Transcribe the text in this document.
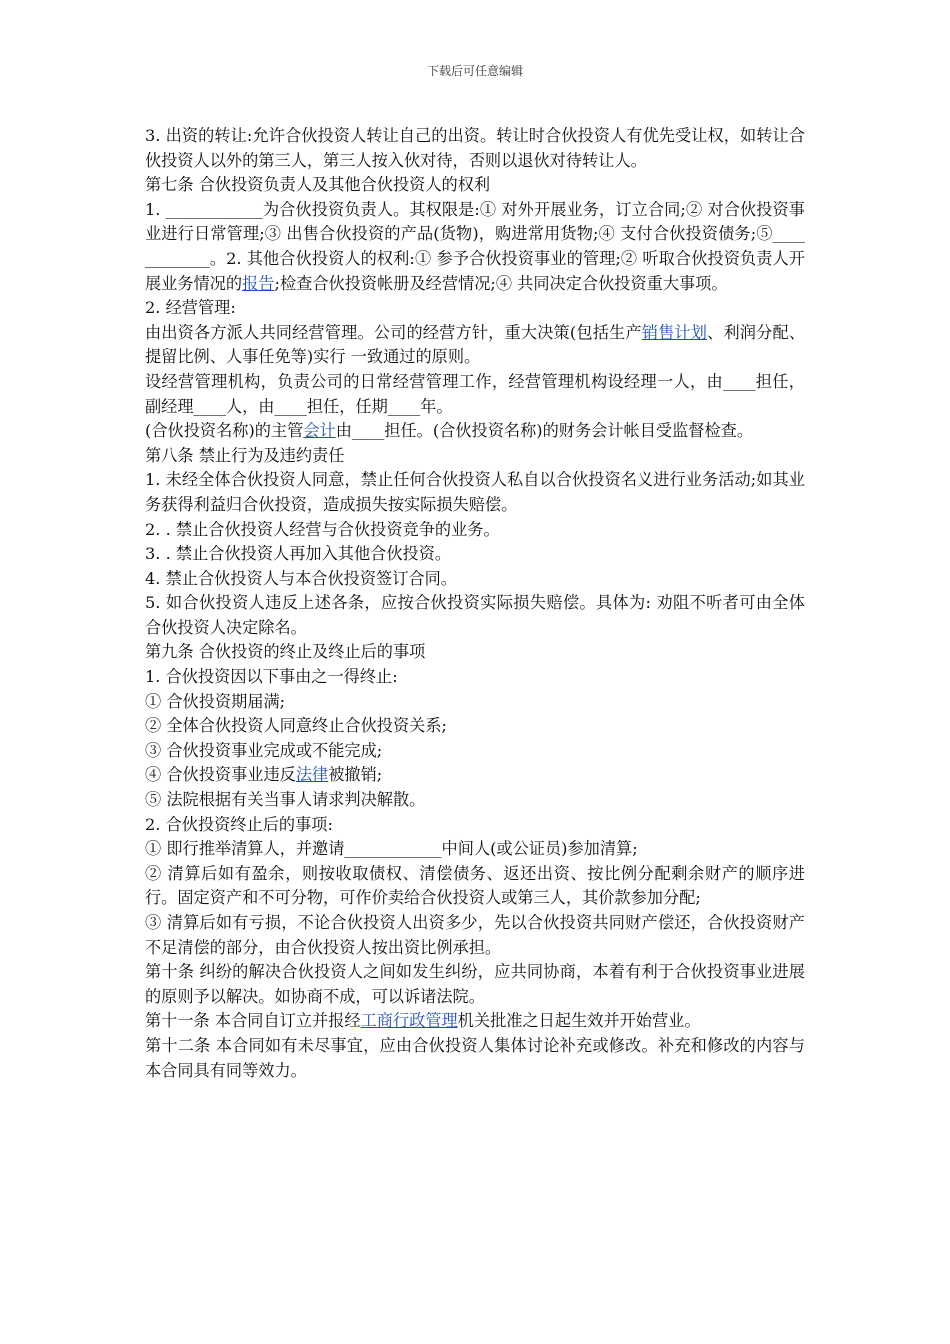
下载后可任意编辑

3. 出资的转让:允许合伙投资人转让自己的出资。转让时合伙投资人有优先受让权，如转让合伙投资人以外的第三人，第三人按入伙对待，否则以退伙对待转让人。

第七条 合伙投资负责人及其他合伙投资人的权利

1. ____________为合伙投资负责人。其权限是:① 对外开展业务，订立合同;② 对合伙投资事业进行日常管理;③ 出售合伙投资的产品(货物)，购进常用货物;④ 支付合伙投资债务;⑤____________。2. 其他合伙投资人的权利:① 参予合伙投资事业的管理;② 听取合伙投资负责人开展业务情况的报告;检查合伙投资帐册及经营情况;④ 共同决定合伙投资重大事项。

2. 经营管理:

由出资各方派人共同经营管理。公司的经营方针，重大决策(包括生产销售计划、利润分配、提留比例、人事任免等)实行 一致通过的原则。

设经营管理机构，负责公司的日常经营管理工作，经营管理机构设经理一人，由____担任，副经理____人，由____担任，任期____年。

(合伙投资名称)的主管会计由____担任。(合伙投资名称)的财务会计帐目受监督检查。

第八条 禁止行为及违约责任

1. 未经全体合伙投资人同意，禁止任何合伙投资人私自以合伙投资名义进行业务活动;如其业务获得利益归合伙投资，造成损失按实际损失赔偿。

2. . 禁止合伙投资人经营与合伙投资竞争的业务。

3. . 禁止合伙投资人再加入其他合伙投资。

4. 禁止合伙投资人与本合伙投资签订合同。

5. 如合伙投资人违反上述各条，应按合伙投资实际损失赔偿。具体为: 劝阻不听者可由全体合伙投资人决定除名。

第九条 合伙投资的终止及终止后的事项

1. 合伙投资因以下事由之一得终止:

① 合伙投资期届满;

② 全体合伙投资人同意终止合伙投资关系;

③ 合伙投资事业完成或不能完成;

④ 合伙投资事业违反法律被撤销;

⑤ 法院根据有关当事人请求判决解散。

2. 合伙投资终止后的事项:

① 即行推举清算人，并邀请____________中间人(或公证员)参加清算;

② 清算后如有盈余，则按收取债权、清偿债务、返还出资、按比例分配剩余财产的顺序进行。固定资产和不可分物，可作价卖给合伙投资人或第三人，其价款参加分配;

③ 清算后如有亏损，不论合伙投资人出资多少，先以合伙投资共同财产偿还，合伙投资财产不足清偿的部分，由合伙投资人按出资比例承担。

第十条 纠纷的解决合伙投资人之间如发生纠纷，应共同协商，本着有利于合伙投资事业进展的原则予以解决。如协商不成，可以诉诸法院。

第十一条 本合同自订立并报经工商行政管理机关批准之日起生效并开始营业。

第十二条 本合同如有未尽事宜，应由合伙投资人集体讨论补充或修改。补充和修改的内容与本合同具有同等效力。
